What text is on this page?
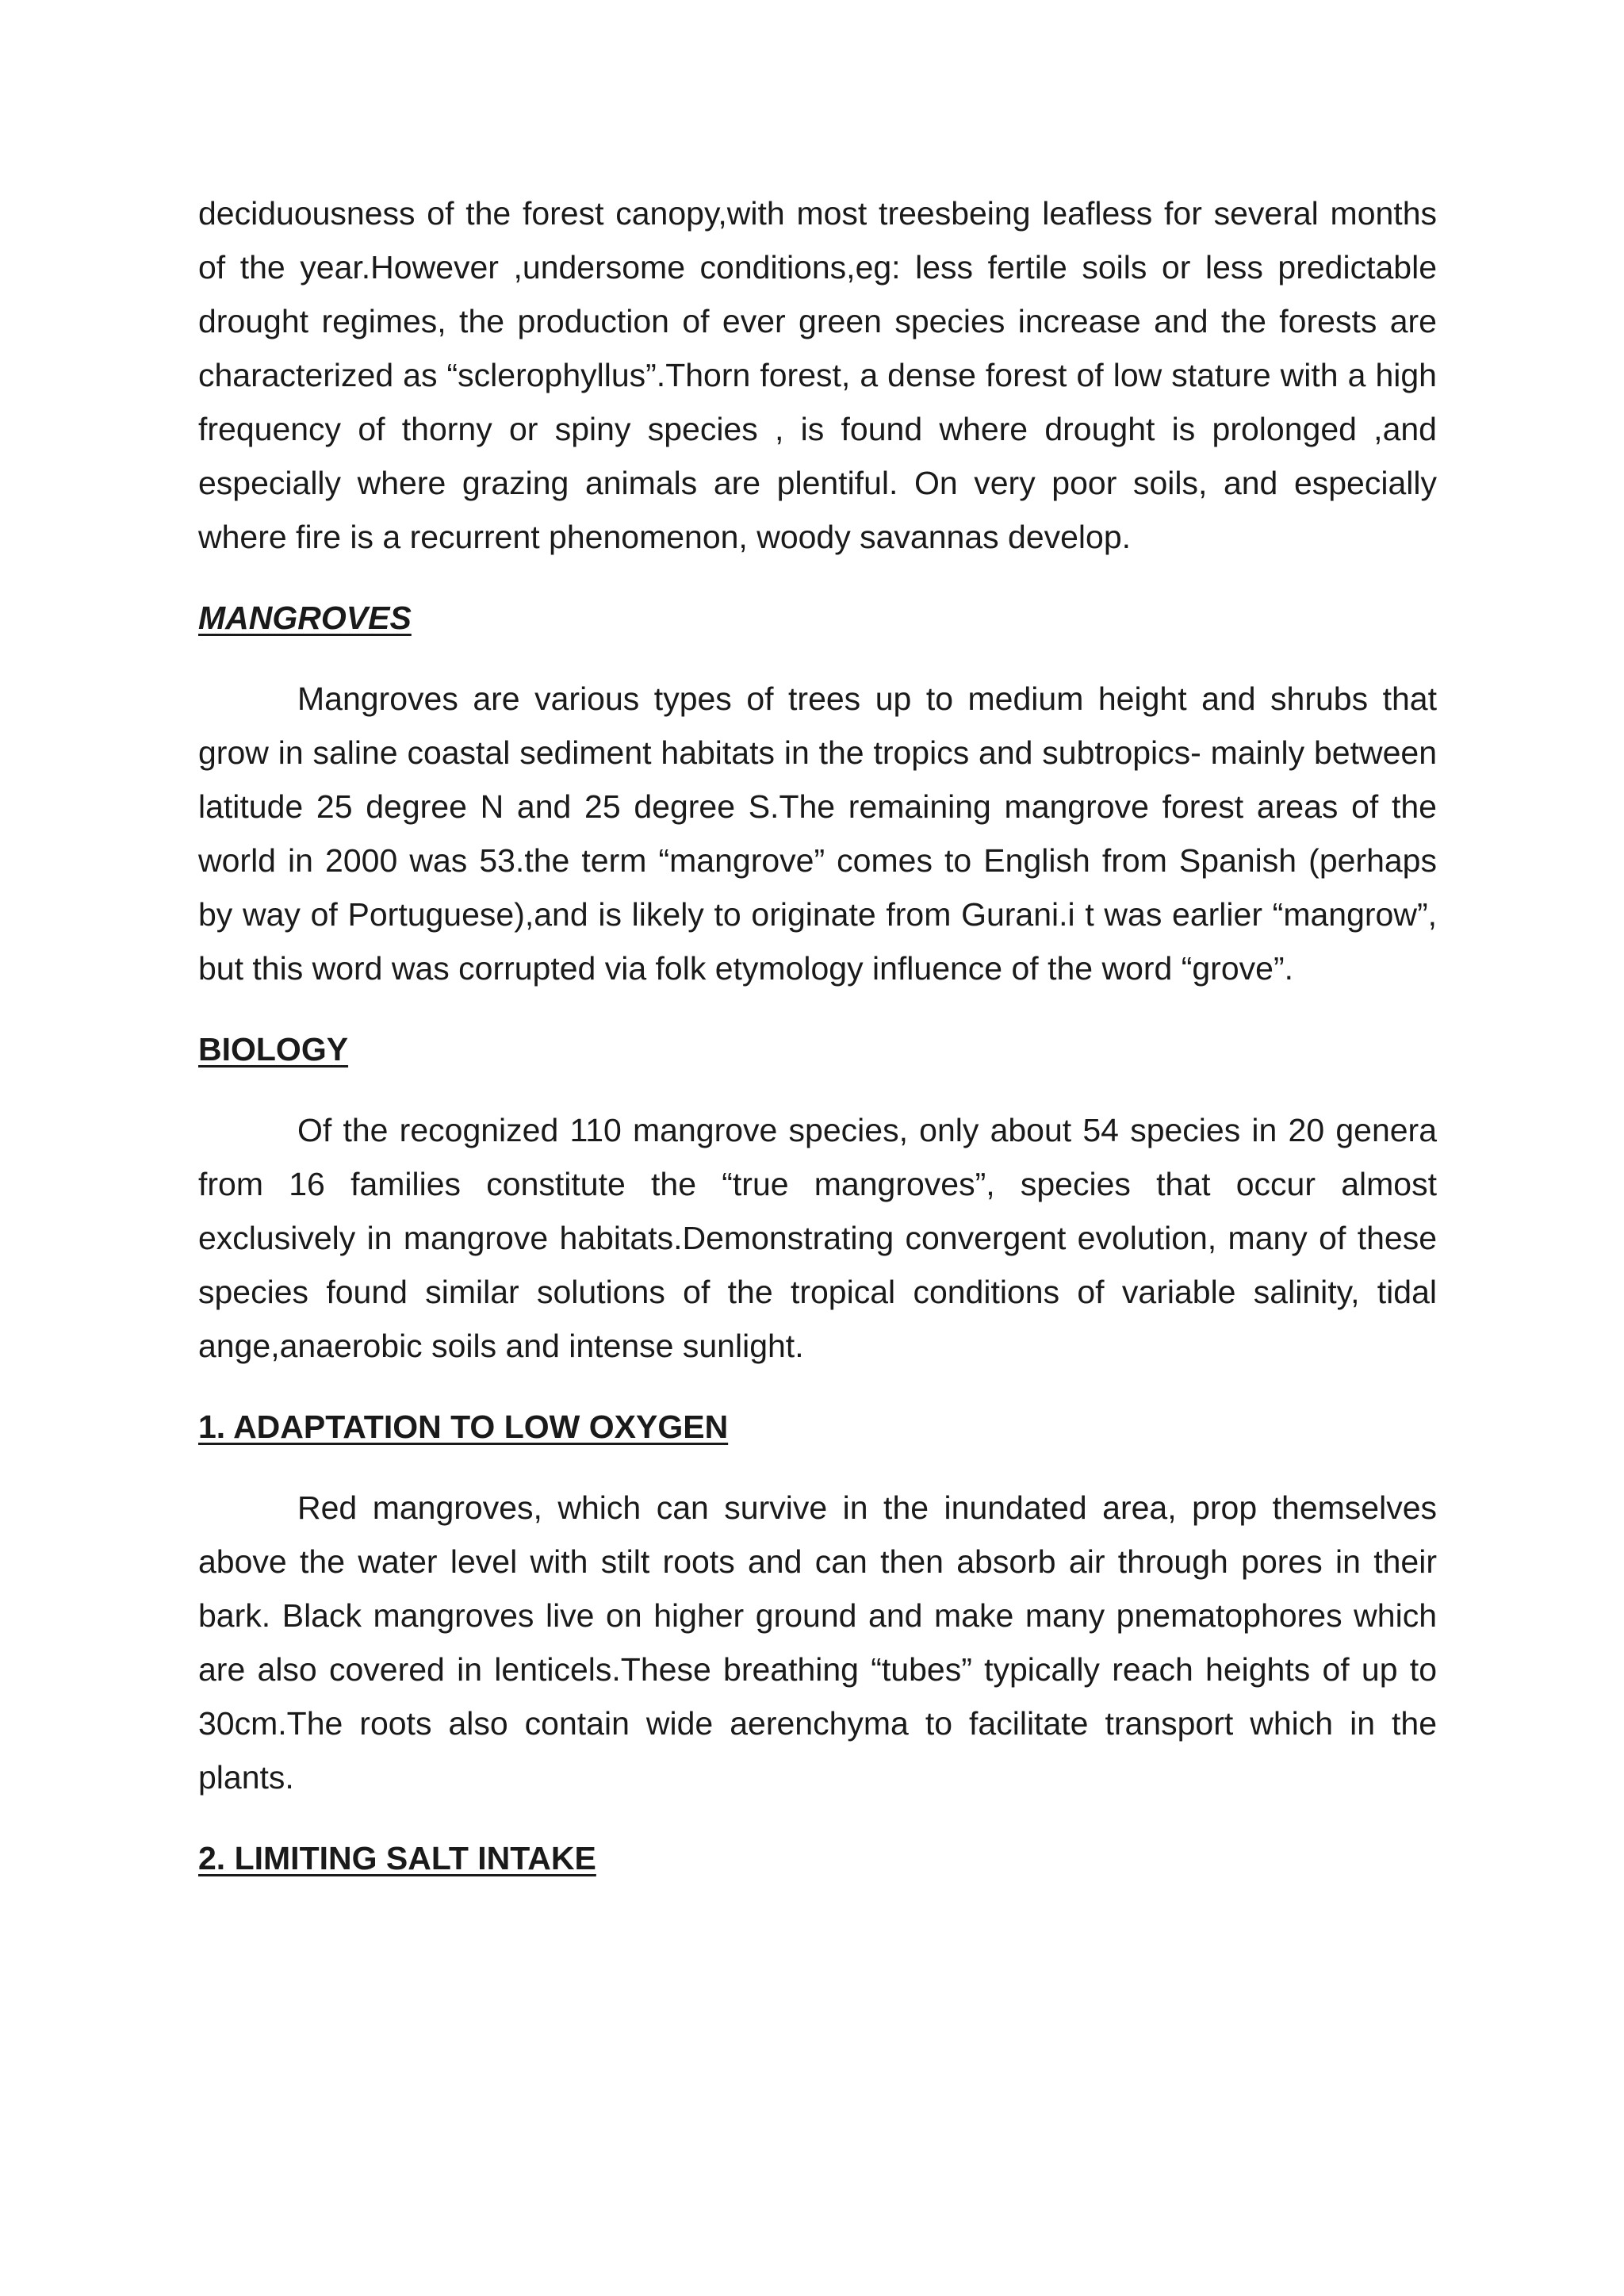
deciduousness of the forest canopy,with most treesbeing leafless for several months of the year.However ,undersome conditions,eg: less fertile soils or less predictable drought regimes, the production of ever green species increase and the forests are characterized as “sclerophyllus”.Thorn forest, a dense forest of low stature with a high frequency of thorny or spiny species , is found where drought is prolonged ,and especially where grazing animals are plentiful. On very poor soils, and especially where fire is a recurrent phenomenon, woody savannas develop.

MANGROVES

Mangroves are various types of trees up to medium height and shrubs that grow in saline coastal sediment habitats in the tropics and subtropics- mainly between latitude 25 degree N and 25 degree S.The remaining mangrove forest areas of the world in 2000 was 53.the term “mangrove” comes to English from Spanish (perhaps by way of Portuguese),and is likely to originate from Gurani.i t was earlier “mangrow”, but this word was corrupted via folk etymology influence of the word “grove”.

BIOLOGY

Of the recognized 110 mangrove species, only about 54 species in 20 genera from 16 families constitute the “true mangroves”, species that occur almost exclusively in mangrove habitats.Demonstrating convergent evolution, many of these species found similar solutions of the tropical conditions of variable salinity, tidal ange,anaerobic soils and intense sunlight.

1. ADAPTATION TO LOW OXYGEN

Red mangroves, which can survive in the inundated area, prop themselves above the water level with stilt roots and can then absorb air through pores in their bark. Black mangroves live on higher ground and make many pnematophores which are also covered in lenticels.These breathing “tubes” typically reach heights of up to 30cm.The roots also contain wide aerenchyma to facilitate transport which in the plants.

2. LIMITING SALT INTAKE
